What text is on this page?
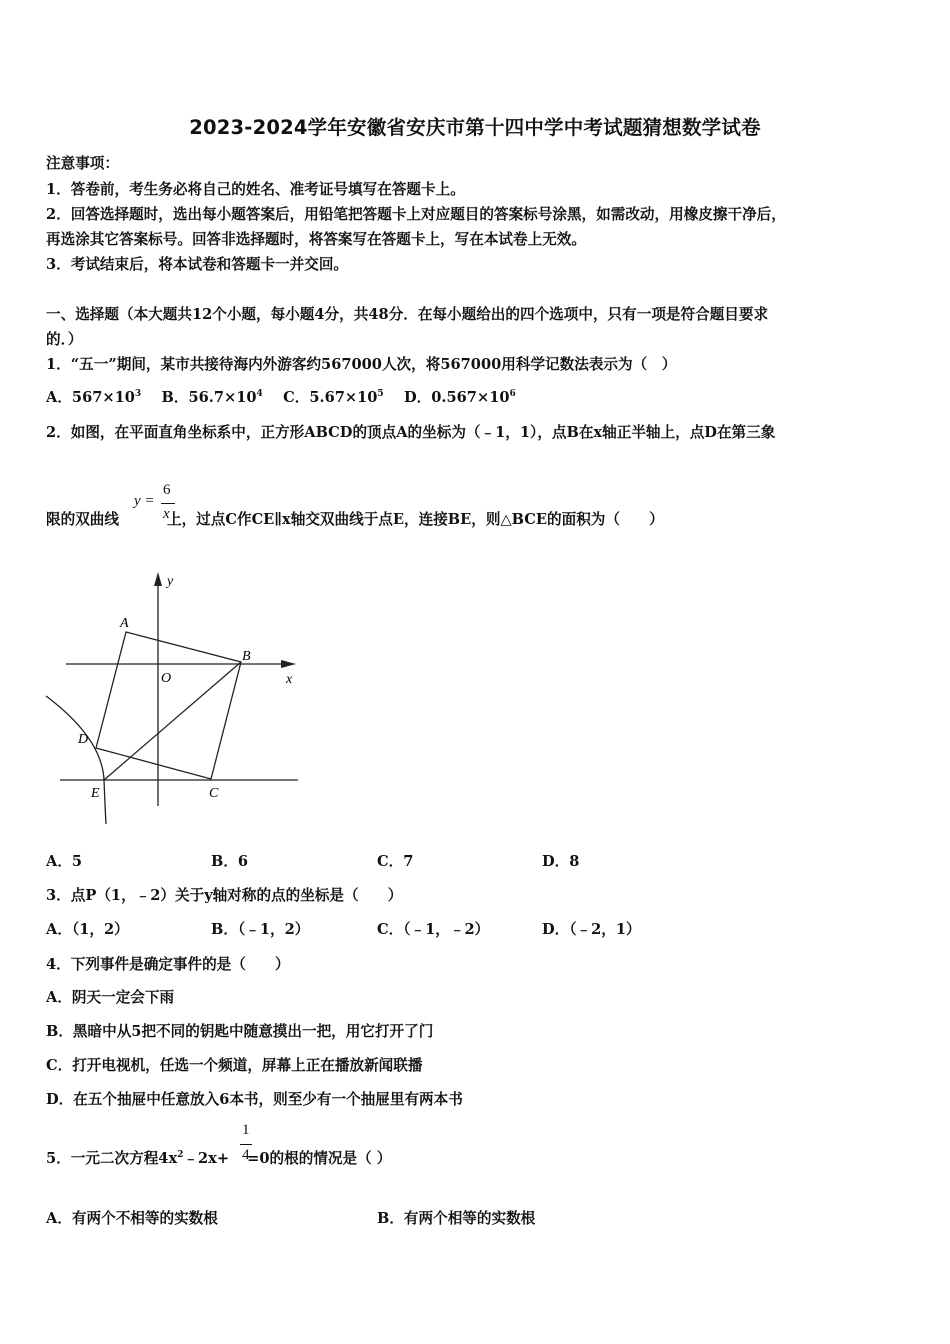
2023-2024学年安徽省安庆市第十四中学中考试题猜想数学试卷
注意事项：
1．答卷前，考生务必将自己的姓名、准考证号填写在答题卡上。
2．回答选择题时，选出每小题答案后，用铅笔把答题卡上对应题目的答案标号涂黑，如需改动，用橡皮擦干净后，
再选涂其它答案标号。回答非选择题时，将答案写在答题卡上，写在本试卷上无效。
3．考试结束后，将本试卷和答题卡一并交回。
一、选择题（本大题共12个小题，每小题4分，共48分．在每小题给出的四个选项中，只有一项是符合题目要求
的．）
1．“五一”期间，某市共接待海内外游客约567000人次，将567000用科学记数法表示为（　）
A．$567\times 10^3$ B．$56.7\times 10^4$ C．$5.67\times 10^5$ D．$0.567\times 10^6$
2．如图，在平面直角坐标系中，正方形ABCD的顶点A的坐标为（﹣1，1），点B在x轴正半轴上，点D在第三象
限的双曲线	上，过点C作CE∥x轴交双曲线于点E，连接BE，则△BCE的面积为（　　）
y =
6
x
y
x
O
A
B
C
D
E
A．5	B．6	C．7	D．8
3．点P（1，﹣2）关于y轴对称的点的坐标是（　　）
A．（1，2）	B．（﹣1，2）	C．（﹣1，﹣2）	D．（﹣2，1）
4．下列事件是确定事件的是（　　）
A．阴天一定会下雨
B．黑暗中从5把不同的钥匙中随意摸出一把，用它打开了门
C．打开电视机，任选一个频道，屏幕上正在播放新闻联播
D．在五个抽屉中任意放入6本书，则至少有一个抽屉里有两本书
5．一元二次方程$4x^2﹣2x+ =0$的根的情况是（ ）
1
4
A．有两个不相等的实数根	B．有两个相等的实数根
